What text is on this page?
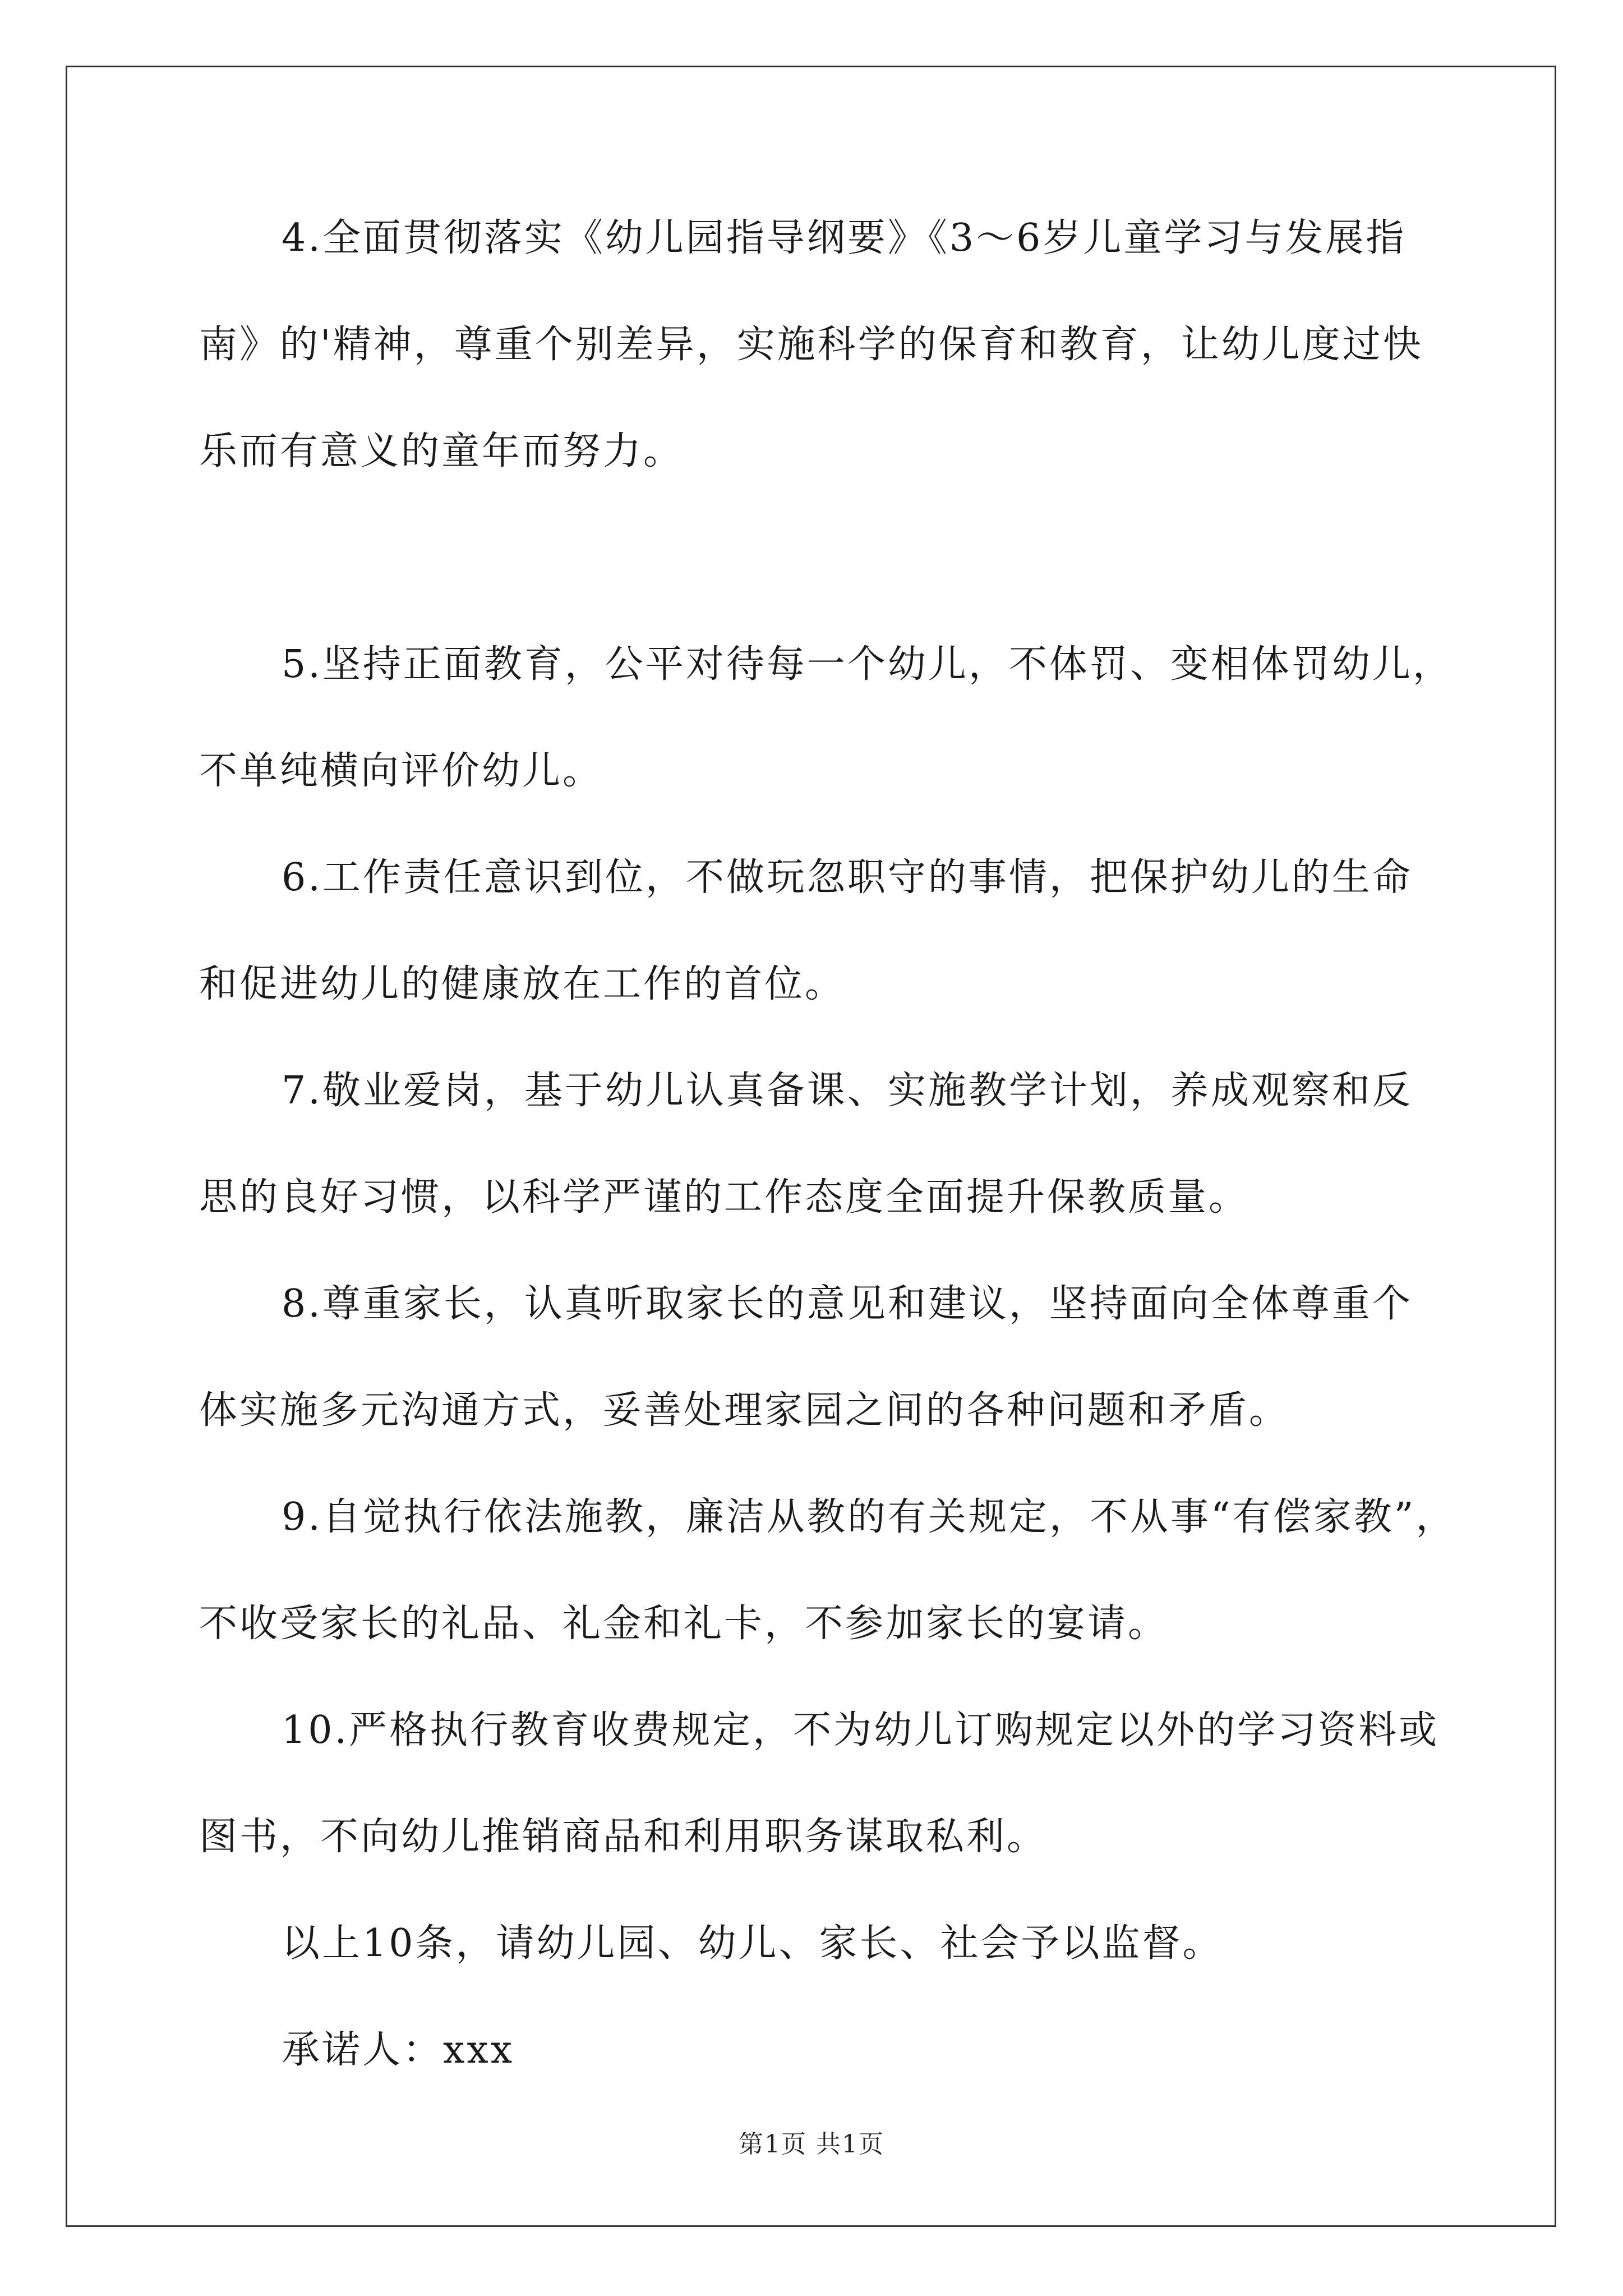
4.全面贯彻落实《幼儿园指导纲要》《3～6岁儿童学习与发展指
南》的'精神，尊重个别差异，实施科学的保育和教育，让幼儿度过快
乐而有意义的童年而努力。
5.坚持正面教育，公平对待每一个幼儿，不体罚、变相体罚幼儿，
不单纯横向评价幼儿。
6.工作责任意识到位，不做玩忽职守的事情，把保护幼儿的生命
和促进幼儿的健康放在工作的首位。
7.敬业爱岗，基于幼儿认真备课、实施教学计划，养成观察和反
思的良好习惯，以科学严谨的工作态度全面提升保教质量。
8.尊重家长，认真听取家长的意见和建议，坚持面向全体尊重个
体实施多元沟通方式，妥善处理家园之间的各种问题和矛盾。
9.自觉执行依法施教，廉洁从教的有关规定，不从事“有偿家教”，
不收受家长的礼品、礼金和礼卡，不参加家长的宴请。
10.严格执行教育收费规定，不为幼儿订购规定以外的学习资料或
图书，不向幼儿推销商品和利用职务谋取私利。
以上10条，请幼儿园、幼儿、家长、社会予以监督。
承诺人：xxx
第1页 共1页
